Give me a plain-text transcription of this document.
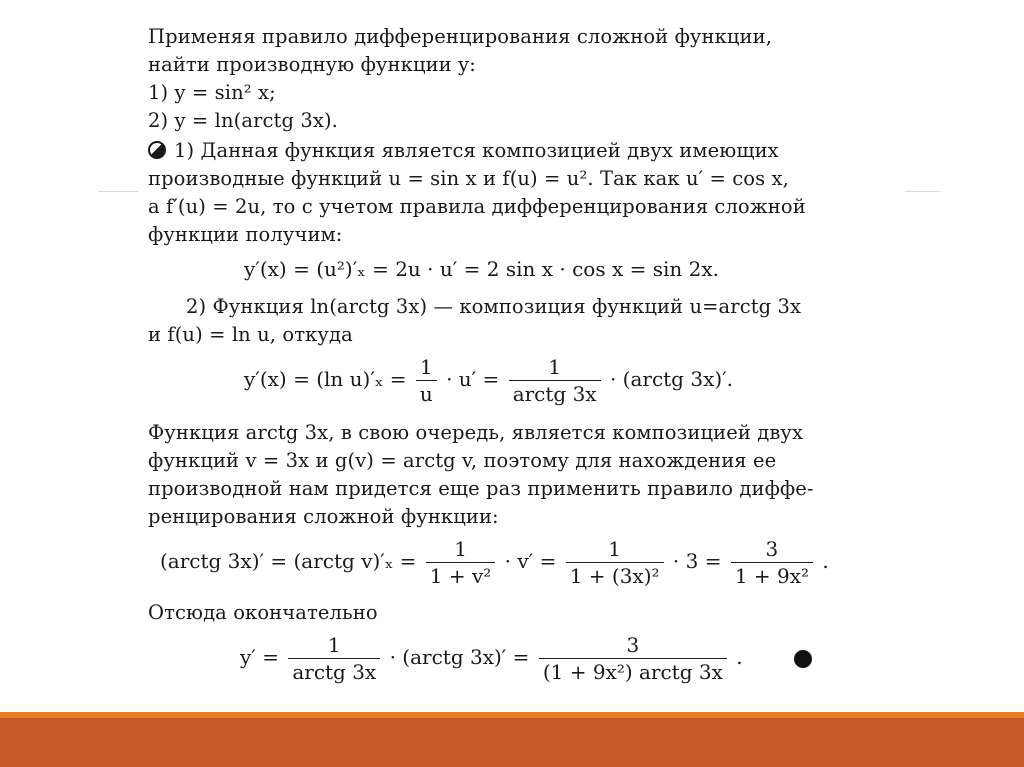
Применяя правило дифференцирования сложной функции,
найти производную функции y:
1) y = sin² x;
2) y = ln(arctg 3x).
1) Данная функция является композицией двух имеющих
производные функций u = sin x и f(u) = u². Так как u′ = cos x,
а f′(u) = 2u, то с учетом правила дифференцирования сложной
функции получим:
y′(x) = (u²)′ₓ = 2u · u′ = 2 sin x · cos x = sin 2x.
2) Функция ln(arctg 3x) — композиция функций u=arctg 3x
и f(u) = ln u, откуда
y′(x) = (ln $u)'_x = \frac{1}{u} \cdot u' = \frac{1}{\text{arctg 3x}}$ · (arctg 3x)′.
Функция arctg 3x, в свою очередь, является композицией двух
функций v = 3x и g(v) = arctg v, поэтому для нахождения ее
производной нам придется еще раз применить правило диффе-
ренцирования сложной функции:
(arctg 3x)′ = (arctg $v)'_x = \frac{1}{\text{1 + v²}} \cdot v' = \frac{1}{\text{1 + (3x)²}} \cdot 3 = \frac{3}{\text{1 + 9x²}}$ .
Отсюда окончательно
$y' = \frac{1}{\text{arctg 3x}}$ · (arctg $3x)' = \frac{3}{\text{(1 + 9x²) arctg 3x}}$ .
